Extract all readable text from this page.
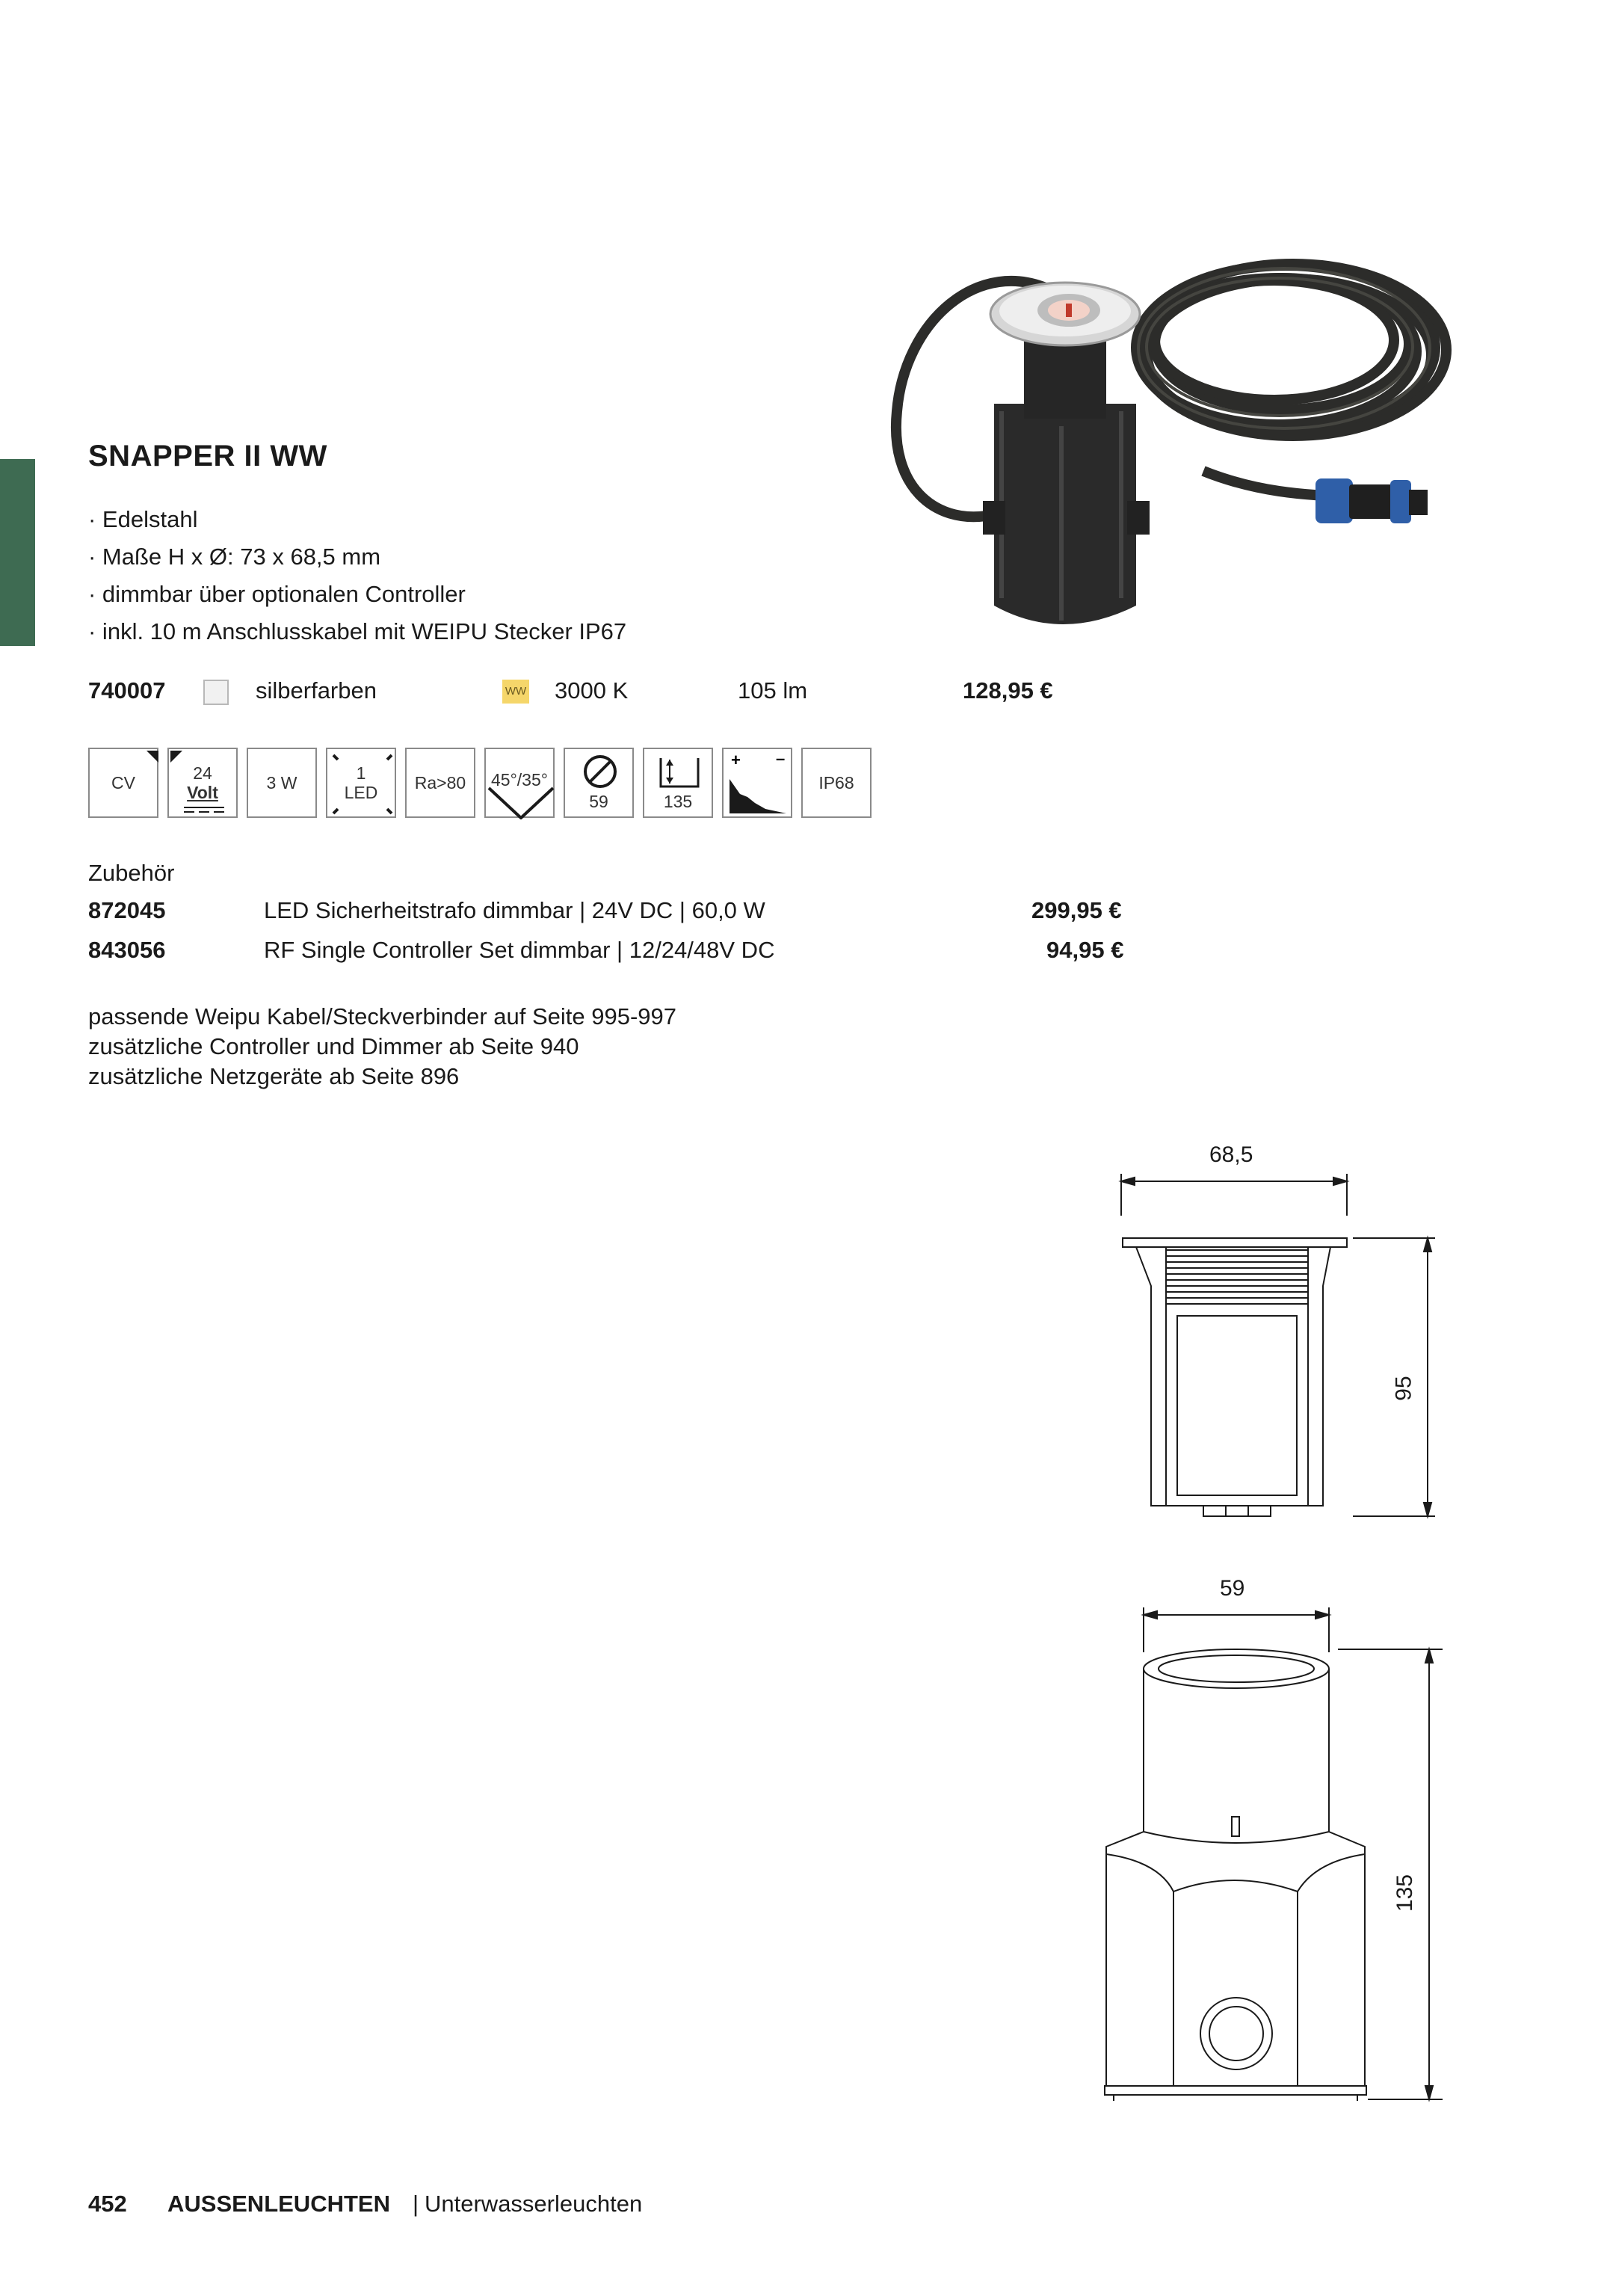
SNAPPER II WW
· Edelstahl
· Maße H x Ø: 73 x 68,5 mm
· dimmbar über optionalen Controller
· inkl. 10 m Anschlusskabel mit WEIPU Stecker IP67
740007	silberfarben	WW 3000 K	105 lm	128,95 €
CV	24
Volt
3 W	1
LED
Ra>80 45°/35°
59	135
+ –
IP68
Zubehör
872045	LED Sicherheitstrafo dimmbar | 24V DC | 60,0 W	299,95 €
843056	RF Single Controller Set dimmbar | 12/24/48V DC	94,95 €
passende Weipu Kabel/Steckverbinder auf Seite 995-997
zusätzliche Controller und Dimmer ab Seite 940
zusätzliche Netzgeräte ab Seite 896
68,5
95
59
135
452 AUSSENLEUCHTEN | Unterwasserleuchten
